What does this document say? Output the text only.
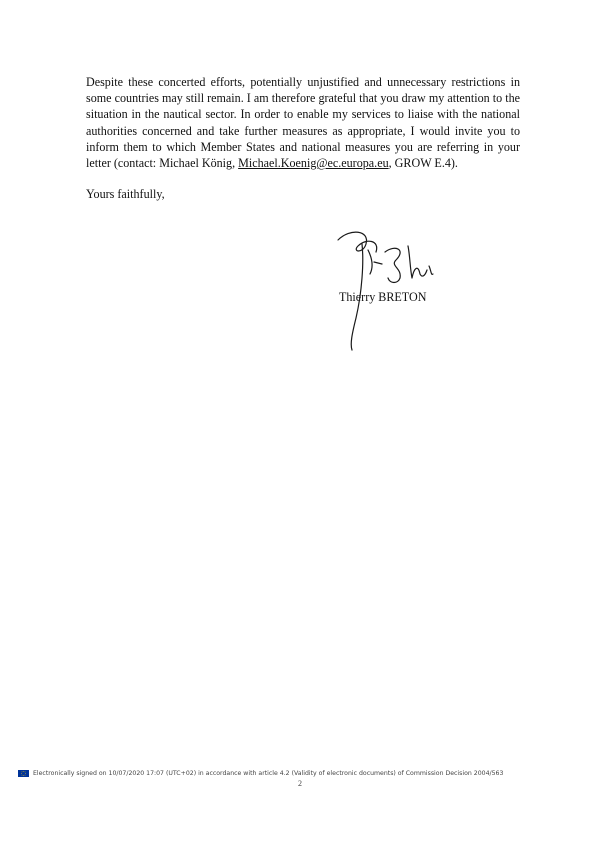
Despite these concerted efforts, potentially unjustified and unnecessary restrictions in some countries may still remain. I am therefore grateful that you draw my attention to the situation in the nautical sector. In order to enable my services to liaise with the national authorities concerned and take further measures as appropriate, I would invite you to inform them to which Member States and national measures you are referring in your letter (contact: Michael König, Michael.Koenig@ec.europa.eu, GROW E.4).

Yours faithfully,

Thierry BRETON

Electronically signed on 10/07/2020 17:07 (UTC+02) in accordance with article 4.2 (Validity of electronic documents) of Commission Decision 2004/563

2
